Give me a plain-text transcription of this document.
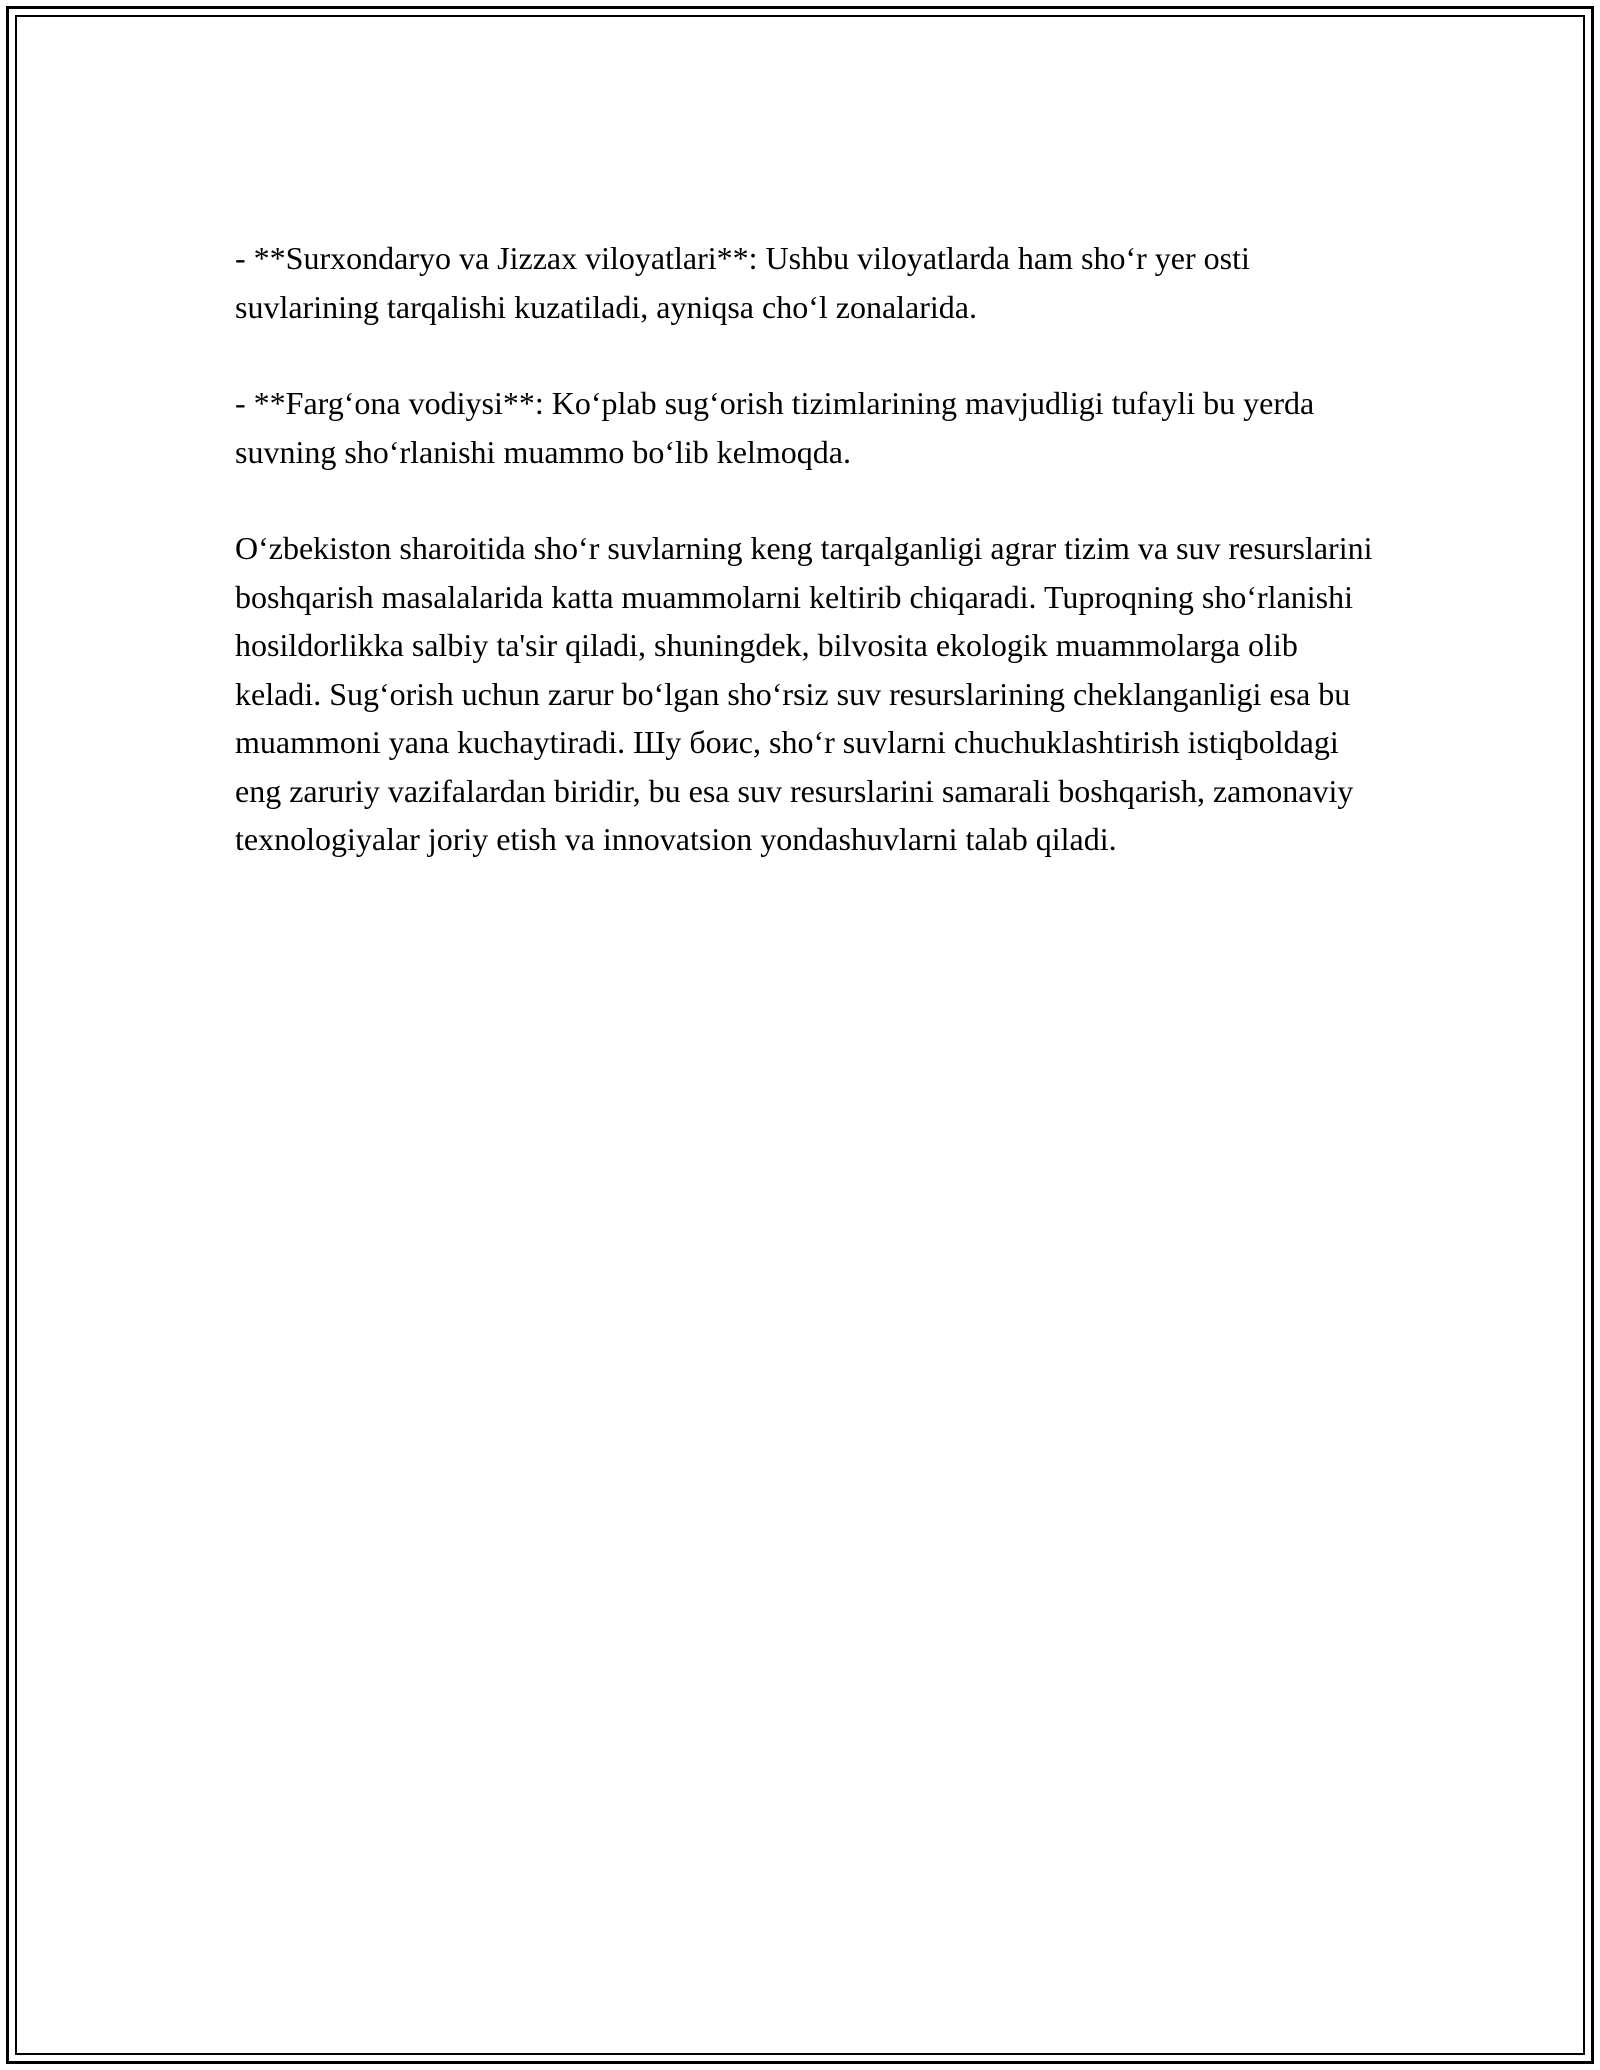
- **Surxondaryo va Jizzax viloyatlari**: Ushbu viloyatlarda ham sho‘r yer osti suvlarining tarqalishi kuzatiladi, ayniqsa cho‘l zonalarida.

- **Farg‘ona vodiysi**: Ko‘plab sug‘orish tizimlarining mavjudligi tufayli bu yerda suvning sho‘rlanishi muammo bo‘lib kelmoqda.

O‘zbekiston sharoitida sho‘r suvlarning keng tarqalganligi agrar tizim va suv resurslarini boshqarish masalalarida katta muammolarni keltirib chiqaradi. Tuproqning sho‘rlanishi hosildorlikka salbiy ta'sir qiladi, shuningdek, bilvosita ekologik muammolarga olib keladi. Sug‘orish uchun zarur bo‘lgan sho‘rsiz suv resurslarining cheklanganligi esa bu muammoni yana kuchaytiradi. Шу боис, sho‘r suvlarni chuchuklashtirish istiqboldagi eng zaruriy vazifalardan biridir, bu esa suv resurslarini samarali boshqarish, zamonaviy texnologiyalar joriy etish va innovatsion yondashuvlarni talab qiladi.
